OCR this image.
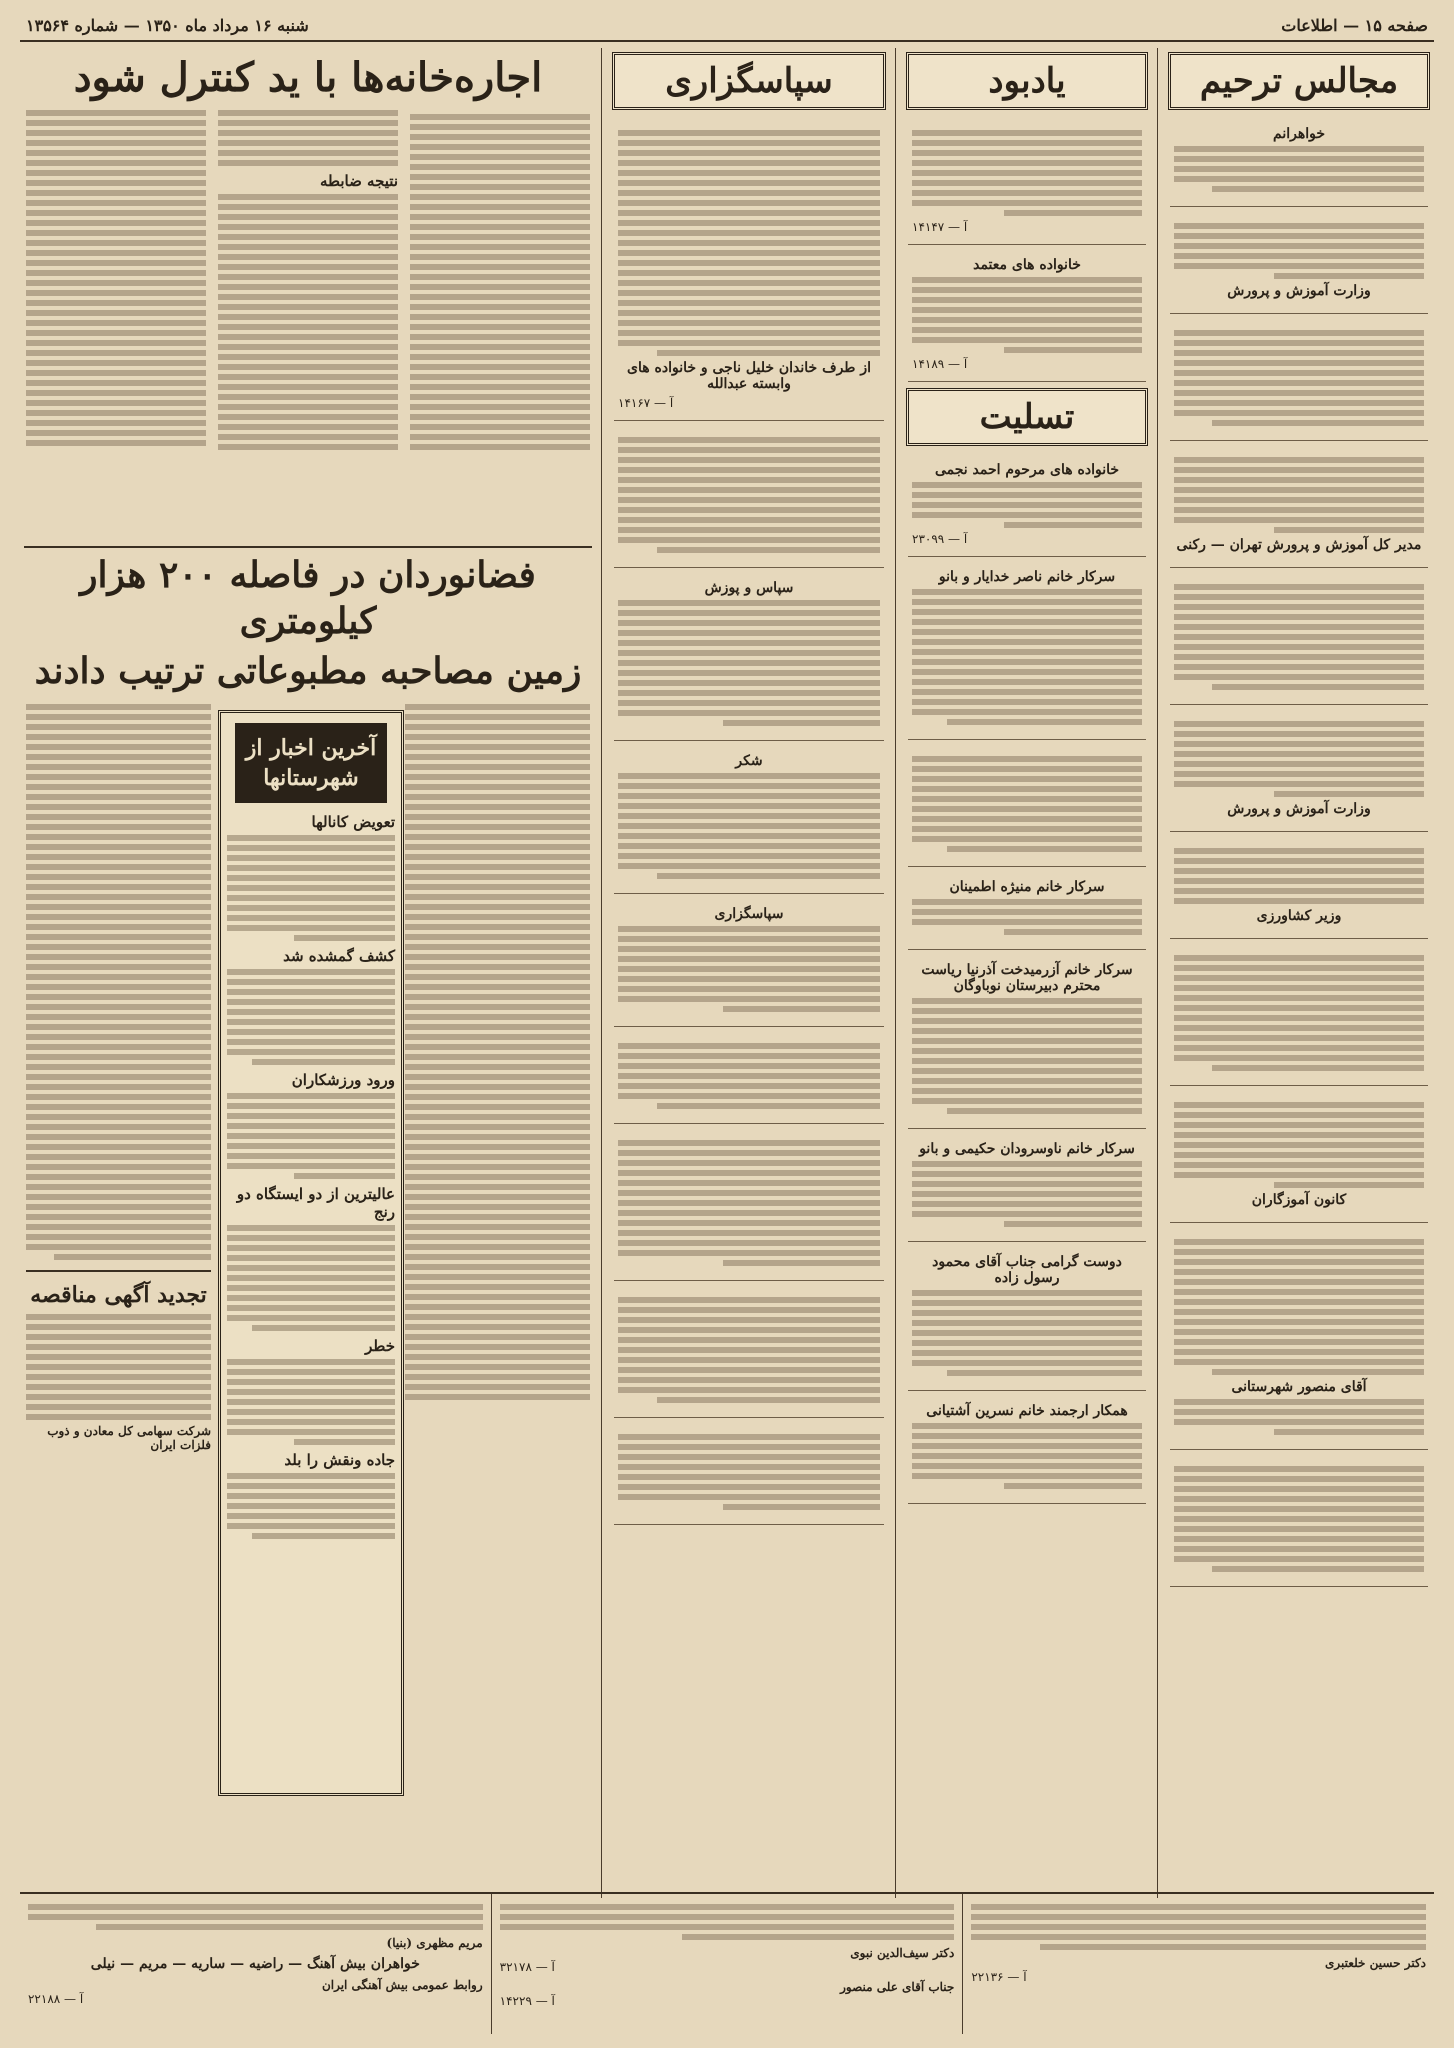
صفحه ۱۵ — اطلاعات
شنبه ۱۶ مرداد ماه ۱۳۵۰ — شماره ۱۳۵۶۴
مجالس ترحیم
خواهرانم
وزارت آموزش و پرورش
مدیر کل آموزش و پرورش تهران — رکنی
وزارت آموزش و پرورش
وزیر کشاورزی
کانون آموزگاران
آقای منصور شهرستانی
یادبود
۱۴۱۴۷ — آ
خانواده های معتمد
۱۴۱۸۹ — آ
تسلیت
خانواده های مرحوم احمد نجمی
۲۳۰۹۹ — آ
سرکار خانم ناصر خدایار و بانو
سرکار خانم منیژه اطمینان
سرکار خانم آزرمیدخت آذرنیا ریاست محترم دبیرستان نوباوگان
سرکار خانم ناوسرودان حکیمی و بانو
دوست گرامی جناب آقای محمود رسول زاده
همکار ارجمند خانم نسرین آشتیانی
سپاسگزاری
از طرف خاندان خلیل ناجی و خانواده های وابسته عبدالله
۱۴۱۶۷ — آ
سپاس و پوزش
شکر
سپاسگزاری
اجاره‌خانه‌ها با ید کنترل شود
نتیجه ضابطه
فضانوردان در فاصله ۲۰۰ هزار کیلومتری
زمین مصاحبه مطبوعاتی ترتیب دادند
آخرین اخبار از شهرستانها
تعویض کانالها
کشف گمشده شد
ورود ورزشکاران
عالیترین از دو ایستگاه دو رنج
خطر
جاده ونقش را بلد
تجدید آگهی مناقصه
شرکت سهامی کل معادن و ذوب فلزات ایران
دکتر حسین خلعتبری
۲۲۱۳۶ — آ
دکتر سیف‌الدین نبوی
۳۲۱۷۸ — آ
جناب آقای علی منصور
۱۴۲۲۹ — آ
مریم مظهری (بنیا)
خواهران بیش آهنگ — راضیه — ساریه — مریم — نیلی
روابط عمومی بیش آهنگی ایران
۲۲۱۸۸ — آ
